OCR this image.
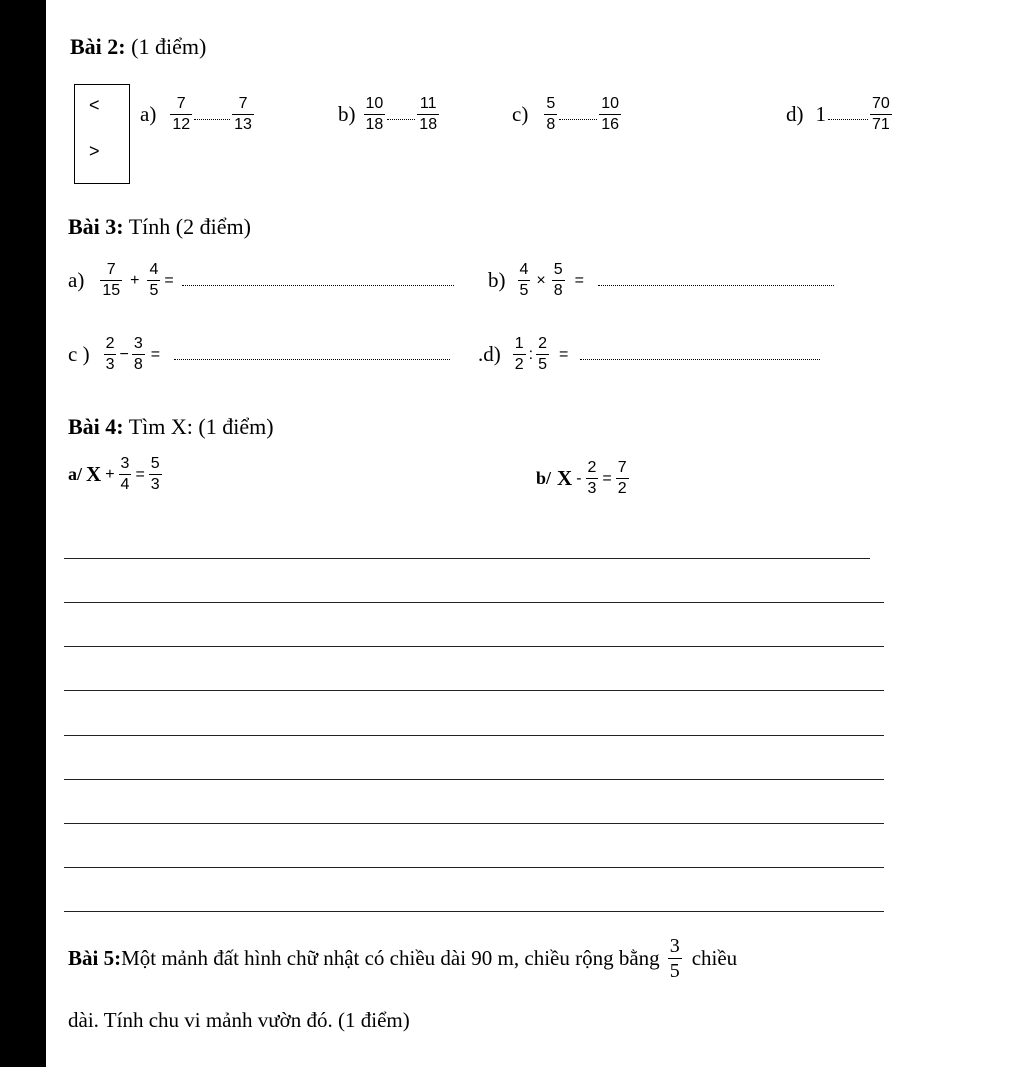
Bài 2: (1 điểm)
<
>
a) 7
12
7
13	b) 10
18
11
18	c) 5
8
10
16	d) 1	70
71
Bài 3: Tính (2 điểm)
a) 7
15
+
4
5
=	b) 4
5
×
5
8
=
c ) 2
3
−
3
8
=	.d) 1
2
:
2
5
=
Bài 4: Tìm X: (1 điểm)
a/ X +
3
4
=
5
3	b/ X -
2
3
=
7
2
Bài 5: Một mảnh đất hình chữ nhật có chiều dài 90 m, chiều rộng bằng 3
5
chiều
dài. Tính chu vi mảnh vườn đó. (1 điểm)
